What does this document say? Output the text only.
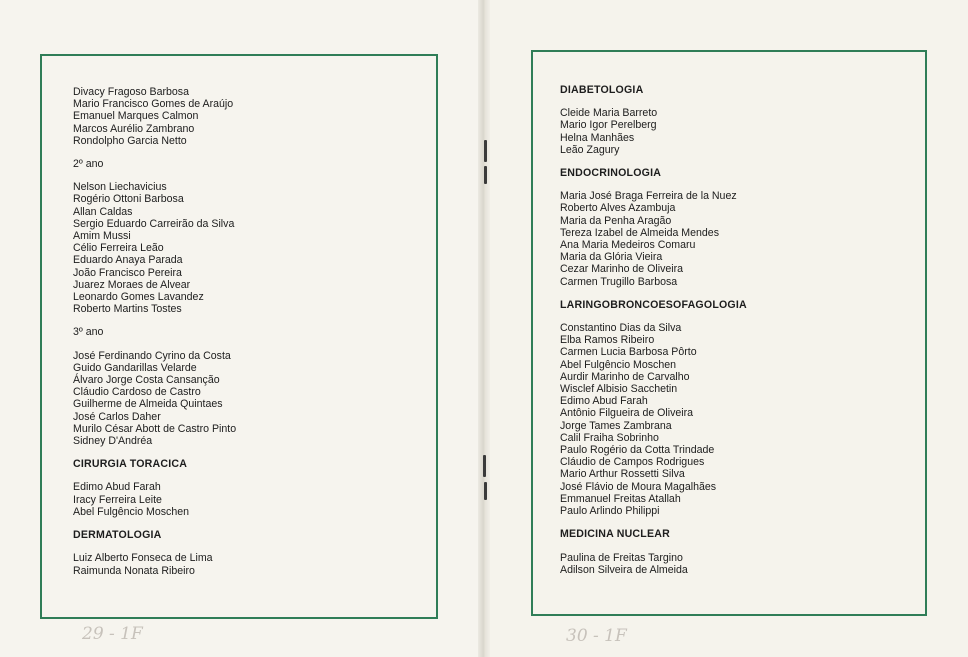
Divacy Fragoso Barbosa
Mario Francisco Gomes de Araújo
Emanuel Marques Calmon
Marcos Aurélio Zambrano
Rondolpho Garcia Netto
2º ano
Nelson Liechavicius
Rogério Ottoni Barbosa
Allan Caldas
Sergio Eduardo Carreirão da Silva
Amim Mussi
Célio Ferreira Leão
Eduardo Anaya Parada
João Francisco Pereira
Juarez Moraes de Alvear
Leonardo Gomes Lavandez
Roberto Martins Tostes
3º ano
José Ferdinando Cyrino da Costa
Guido Gandarillas Velarde
Álvaro Jorge Costa Cansanção
Cláudio Cardoso de Castro
Guilherme de Almeida Quintaes
José Carlos Daher
Murilo César Abott de Castro Pinto
Sidney D'Andréa
CIRURGIA TORACICA
Edimo Abud Farah
Iracy Ferreira Leite
Abel Fulgêncio Moschen
DERMATOLOGIA
Luiz Alberto Fonseca de Lima
Raimunda Nonata Ribeiro
DIABETOLOGIA
Cleide Maria Barreto
Mario Igor Perelberg
Helna Manhães
Leão Zagury
ENDOCRINOLOGIA
Maria José Braga Ferreira de la Nuez
Roberto Alves Azambuja
Maria da Penha Aragão
Tereza Izabel de Almeida Mendes
Ana Maria Medeiros Comaru
Maria da Glória Vieira
Cezar Marinho de Oliveira
Carmen Trugillo Barbosa
LARINGOBRONCOESOFAGOLOGIA
Constantino Dias da Silva
Elba Ramos Ribeiro
Carmen Lucia Barbosa Pôrto
Abel Fulgêncio Moschen
Aurdir Marinho de Carvalho
Wisclef Albisio Sacchetin
Edimo Abud Farah
Antônio Filgueira de Oliveira
Jorge Tames Zambrana
Calil Fraiha Sobrinho
Paulo Rogério da Cotta Trindade
Cláudio de Campos Rodrigues
Mario Arthur Rossetti Silva
José Flávio de Moura Magalhães
Emmanuel Freitas Atallah
Paulo Arlindo Philippi
MEDICINA NUCLEAR
Paulina de Freitas Targino
Adilson Silveira de Almeida
29 - 1F	30 - 1F
